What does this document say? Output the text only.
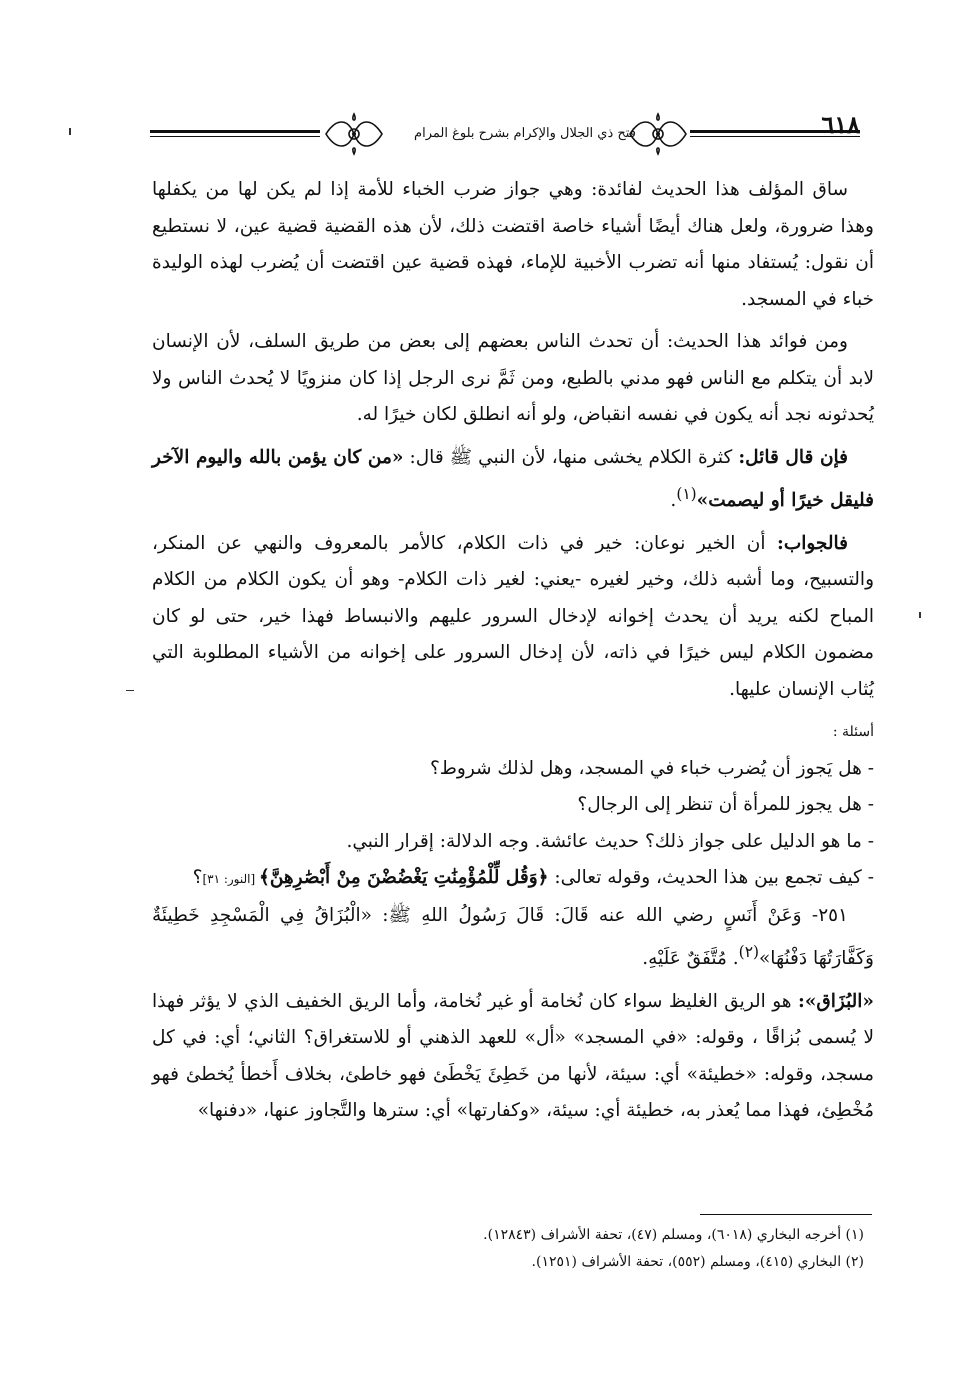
٦١٨
فتح ذي الجلال والإكرام بشرح بلوغ المرام

ساق المؤلف هذا الحديث لفائدة: وهي جواز ضرب الخباء للأمة إذا لم يكن لها من يكفلها وهذا ضرورة، ولعل هناك أيضًا أشياء خاصة اقتضت ذلك، لأن هذه القضية قضية عين، لا نستطيع أن نقول: يُستفاد منها أنه تضرب الأخبية للإماء، فهذه قضية عين اقتضت أن يُضرب لهذه الوليدة خباء في المسجد.

ومن فوائد هذا الحديث: أن تحدث الناس بعضهم إلى بعض من طريق السلف، لأن الإنسان لابد أن يتكلم مع الناس فهو مدني بالطبع، ومن ثَمَّ نرى الرجل إذا كان منزويًا لا يُحدث الناس ولا يُحدثونه نجد أنه يكون في نفسه انقباض، ولو أنه انطلق لكان خيرًا له.

فإن قال قائل: كثرة الكلام يخشى منها، لأن النبي ﷺ قال: «من كان يؤمن بالله واليوم الآخر فليقل خيرًا أو ليصمت»$^{(١)}$.

فالجواب: أن الخير نوعان: خير في ذات الكلام، كالأمر بالمعروف والنهي عن المنكر، والتسبيح، وما أشبه ذلك، وخير لغيره -يعني: لغير ذات الكلام- وهو أن يكون الكلام من الكلام المباح لكنه يريد أن يحدث إخوانه لإدخال السرور عليهم والانبساط فهذا خير، حتى لو كان مضمون الكلام ليس خيرًا في ذاته، لأن إدخال السرور على إخوانه من الأشياء المطلوبة التي يُثاب الإنسان عليها.

أسئلة :

- هل يَجوز أن يُضرب خباء في المسجد، وهل لذلك شروط؟

- هل يجوز للمرأة أن تنظر إلى الرجال؟

- ما هو الدليل على جواز ذلك؟ حديث عائشة. وجه الدلالة: إقرار النبي.

- كيف تجمع بين هذا الحديث، وقوله تعالى: ﴿وَقُل لِّلْمُؤْمِنَٰتِ يَغْضُضْنَ مِنْ أَبْصَٰرِهِنَّ﴾ [النور: ٣١]؟

٢٥١- وَعَنْ أَنَسٍ رضي الله عنه قَالَ: قَالَ رَسُولُ اللهِ ﷺ: «الْبُزَاقُ فِي الْمَسْجِدِ خَطِيئَةٌ وَكَفَّارَتُهَا دَفْنُهَا»$^{(٢)}$. مُتَّفَقٌ عَلَيْهِ.

«البُزَاق»: هو الريق الغليظ سواء كان نُخامة أو غير نُخامة، وأما الريق الخفيف الذي لا يؤثر فهذا لا يُسمى بُزاقًا ، وقوله: «في المسجد» «أل» للعهد الذهني أو للاستغراق؟ الثاني؛ أي: في كل مسجد، وقوله: «خطيئة» أي: سيئة، لأنها من خَطِئَ يَخْطَئ فهو خاطئ، بخلاف أَخطأ يُخطئ فهو مُخْطِئ، فهذا مما يُعذر به، خطيئة أي: سيئة، «وكفارتها» أي: سترها والتَّجاوز عنها، «دفنها»

(١) أخرجه البخاري (٦٠١٨)، ومسلم (٤٧)، تحفة الأشراف (١٢٨٤٣).

(٢) البخاري (٤١٥)، ومسلم (٥٥٢)، تحفة الأشراف (١٢٥١).
